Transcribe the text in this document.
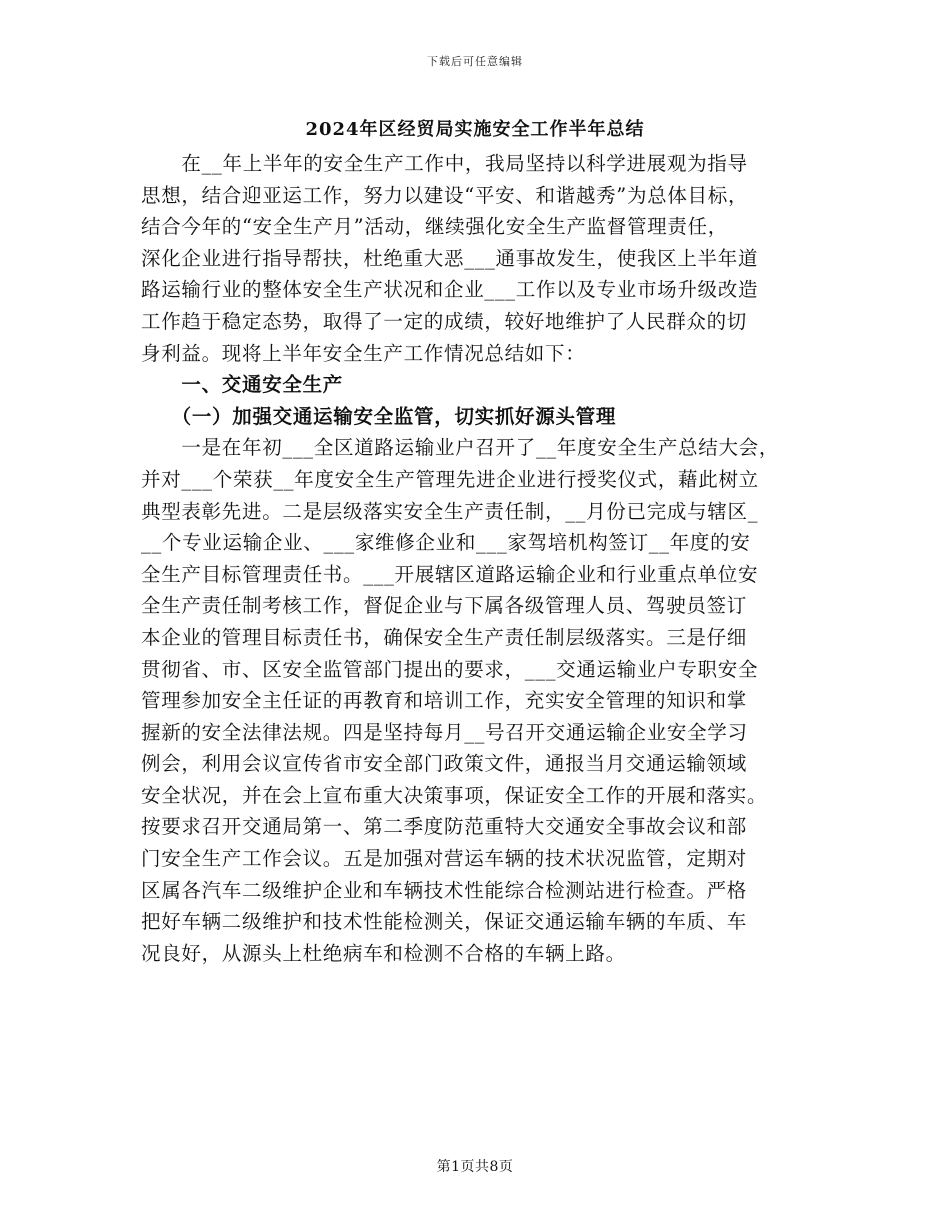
下载后可任意编辑
2024年区经贸局实施安全工作半年总结
　　在__年上半年的安全生产工作中，我局坚持以科学进展观为指导
思想，结合迎亚运工作，努力以建设“平安、和谐越秀”为总体目标，
结合今年的“安全生产月”活动，继续强化安全生产监督管理责任，
深化企业进行指导帮扶，杜绝重大恶___通事故发生，使我区上半年道
路运输行业的整体安全生产状况和企业___工作以及专业市场升级改造
工作趋于稳定态势，取得了一定的成绩，较好地维护了人民群众的切
身利益。现将上半年安全生产工作情况总结如下：
　　一、交通安全生产
　　（一）加强交通运输安全监管，切实抓好源头管理
　　一是在年初___全区道路运输业户召开了__年度安全生产总结大会，
并对___个荣获__年度安全生产管理先进企业进行授奖仪式，藉此树立
典型表彰先进。二是层级落实安全生产责任制，__月份已完成与辖区_
__个专业运输企业、___家维修企业和___家驾培机构签订__年度的安
全生产目标管理责任书。___开展辖区道路运输企业和行业重点单位安
全生产责任制考核工作，督促企业与下属各级管理人员、驾驶员签订
本企业的管理目标责任书，确保安全生产责任制层级落实。三是仔细
贯彻省、市、区安全监管部门提出的要求，___交通运输业户专职安全
管理参加安全主任证的再教育和培训工作，充实安全管理的知识和掌
握新的安全法律法规。四是坚持每月__号召开交通运输企业安全学习
例会，利用会议宣传省市安全部门政策文件，通报当月交通运输领域
安全状况，并在会上宣布重大决策事项，保证安全工作的开展和落实。
按要求召开交通局第一、第二季度防范重特大交通安全事故会议和部
门安全生产工作会议。五是加强对营运车辆的技术状况监管，定期对
区属各汽车二级维护企业和车辆技术性能综合检测站进行检查。严格
把好车辆二级维护和技术性能检测关，保证交通运输车辆的车质、车
况良好，从源头上杜绝病车和检测不合格的车辆上路。
第1页共8页
